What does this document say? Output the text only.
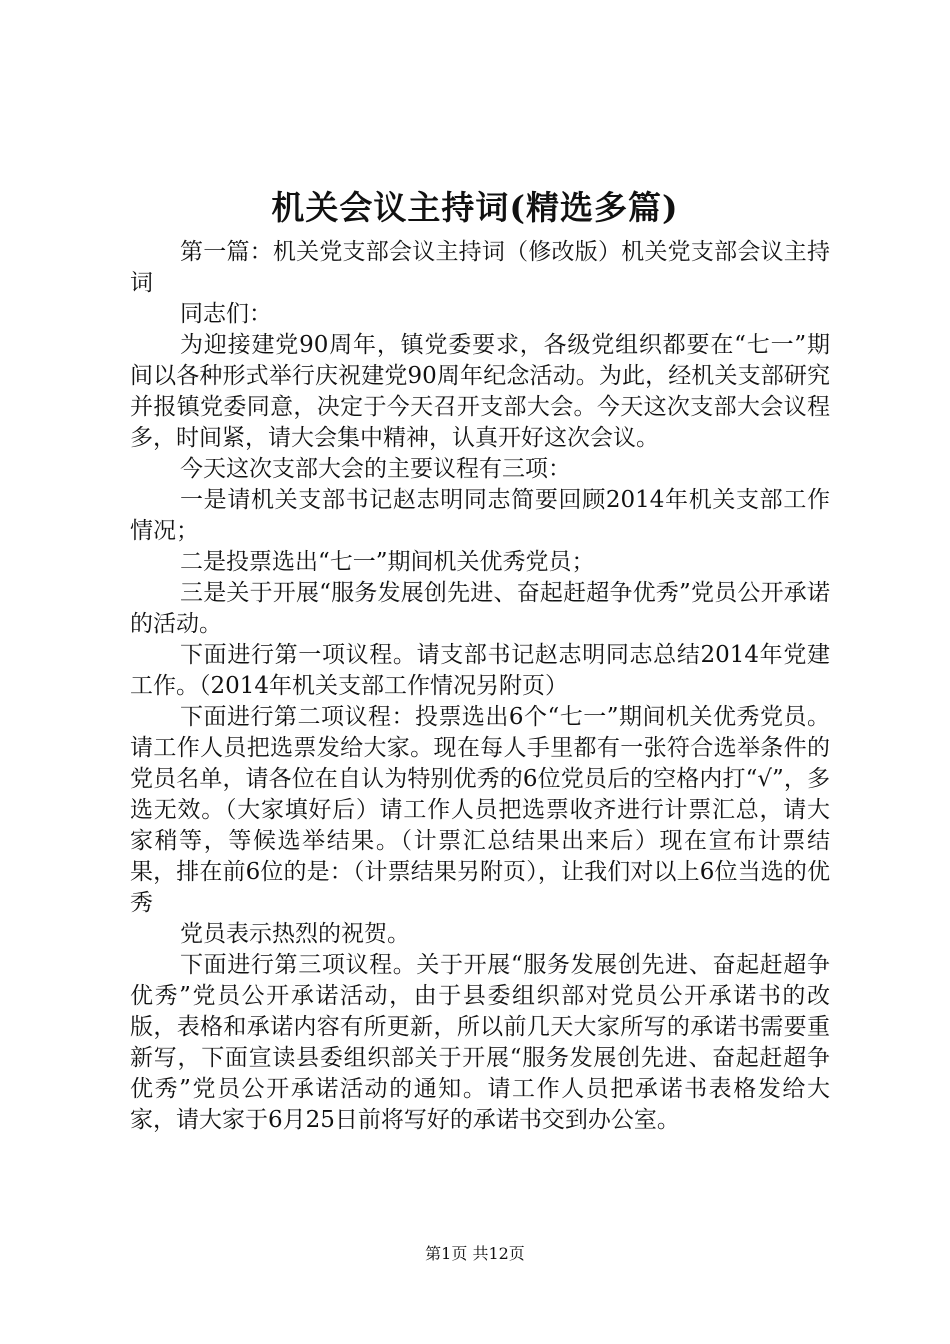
机关会议主持词(精选多篇)

第一篇：机关党支部会议主持词（修改版）机关党支部会议主持词

同志们：

为迎接建党90周年，镇党委要求，各级党组织都要在“七一”期间以各种形式举行庆祝建党90周年纪念活动。为此，经机关支部研究并报镇党委同意，决定于今天召开支部大会。今天这次支部大会议程多，时间紧，请大会集中精神，认真开好这次会议。

今天这次支部大会的主要议程有三项：

一是请机关支部书记赵志明同志简要回顾2014年机关支部工作情况；

二是投票选出“七一”期间机关优秀党员；

三是关于开展“服务发展创先进、奋起赶超争优秀”党员公开承诺的活动。

下面进行第一项议程。请支部书记赵志明同志总结2014年党建工作。（2014年机关支部工作情况另附页）

下面进行第二项议程：投票选出6个“七一”期间机关优秀党员。请工作人员把选票发给大家。现在每人手里都有一张符合选举条件的党员名单，请各位在自认为特别优秀的6位党员后的空格内打“√”，多选无效。（大家填好后）请工作人员把选票收齐进行计票汇总，请大家稍等，等候选举结果。（计票汇总结果出来后）现在宣布计票结果，排在前6位的是：（计票结果另附页），让我们对以上6位当选的优秀

党员表示热烈的祝贺。

下面进行第三项议程。关于开展“服务发展创先进、奋起赶超争优秀”党员公开承诺活动，由于县委组织部对党员公开承诺书的改版，表格和承诺内容有所更新，所以前几天大家所写的承诺书需要重新写，下面宣读县委组织部关于开展“服务发展创先进、奋起赶超争优秀”党员公开承诺活动的通知。请工作人员把承诺书表格发给大家，请大家于6月25日前将写好的承诺书交到办公室。

第1页 共12页
